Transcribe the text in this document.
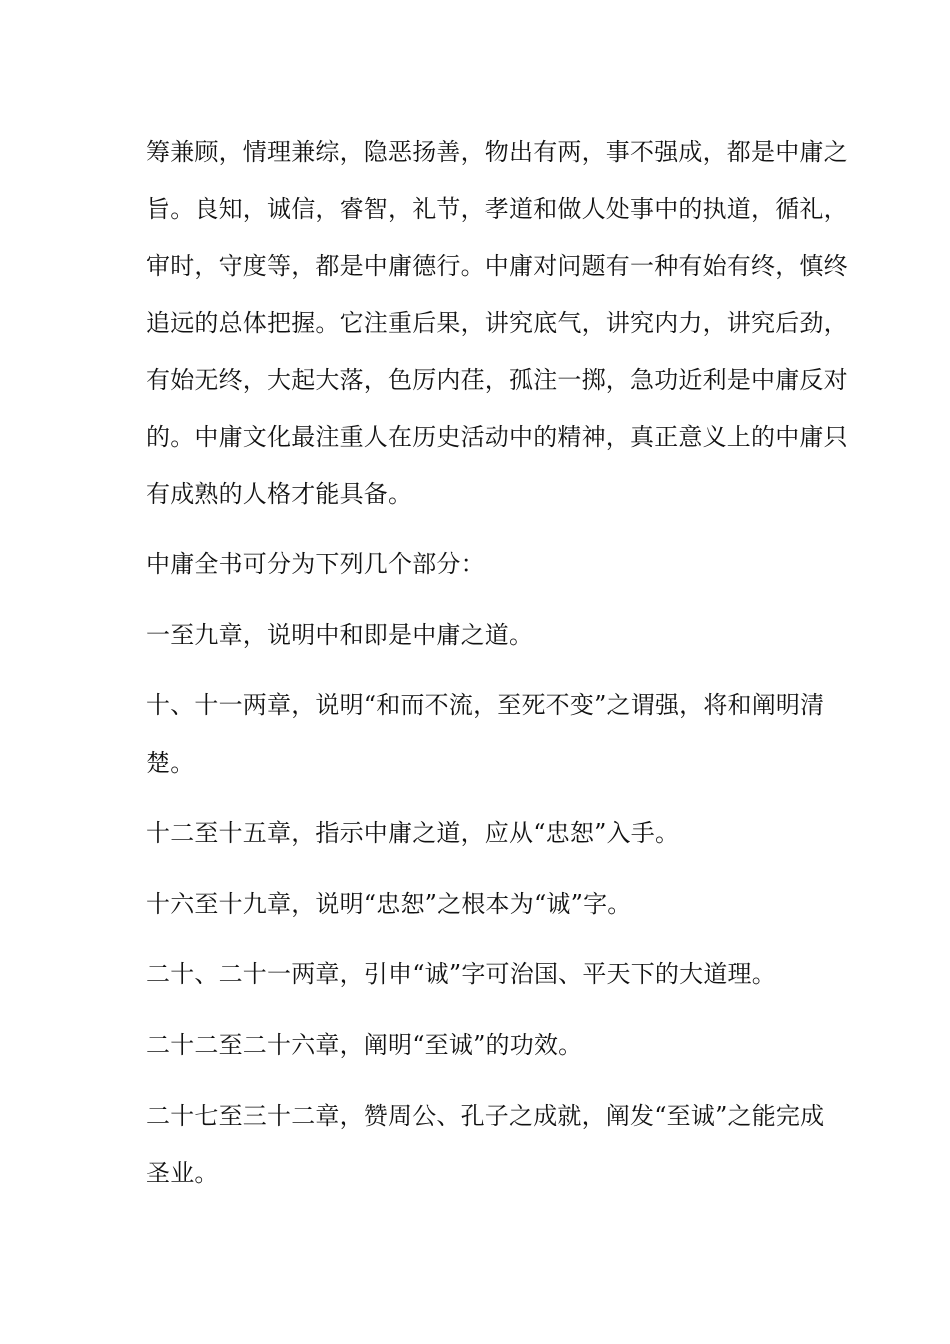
筹兼顾，情理兼综，隐恶扬善，物出有两，事不强成，都是中庸之
旨。良知，诚信，睿智，礼节，孝道和做人处事中的执道，循礼，
审时，守度等，都是中庸德行。中庸对问题有一种有始有终，慎终
追远的总体把握。它注重后果，讲究底气，讲究内力，讲究后劲，
有始无终，大起大落，色厉内荏，孤注一掷，急功近利是中庸反对
的。中庸文化最注重人在历史活动中的精神，真正意义上的中庸只
有成熟的人格才能具备。
中庸全书可分为下列几个部分：
一至九章，说明中和即是中庸之道。
十、十一两章，说明“和而不流，至死不变”之谓强，将和阐明清
楚。
十二至十五章，指示中庸之道，应从“忠恕”入手。
十六至十九章，说明“忠恕”之根本为“诚”字。
二十、二十一两章，引申“诚”字可治国、平天下的大道理。
二十二至二十六章，阐明“至诚”的功效。
二十七至三十二章，赞周公、孔子之成就，阐发“至诚”之能完成
圣业。
